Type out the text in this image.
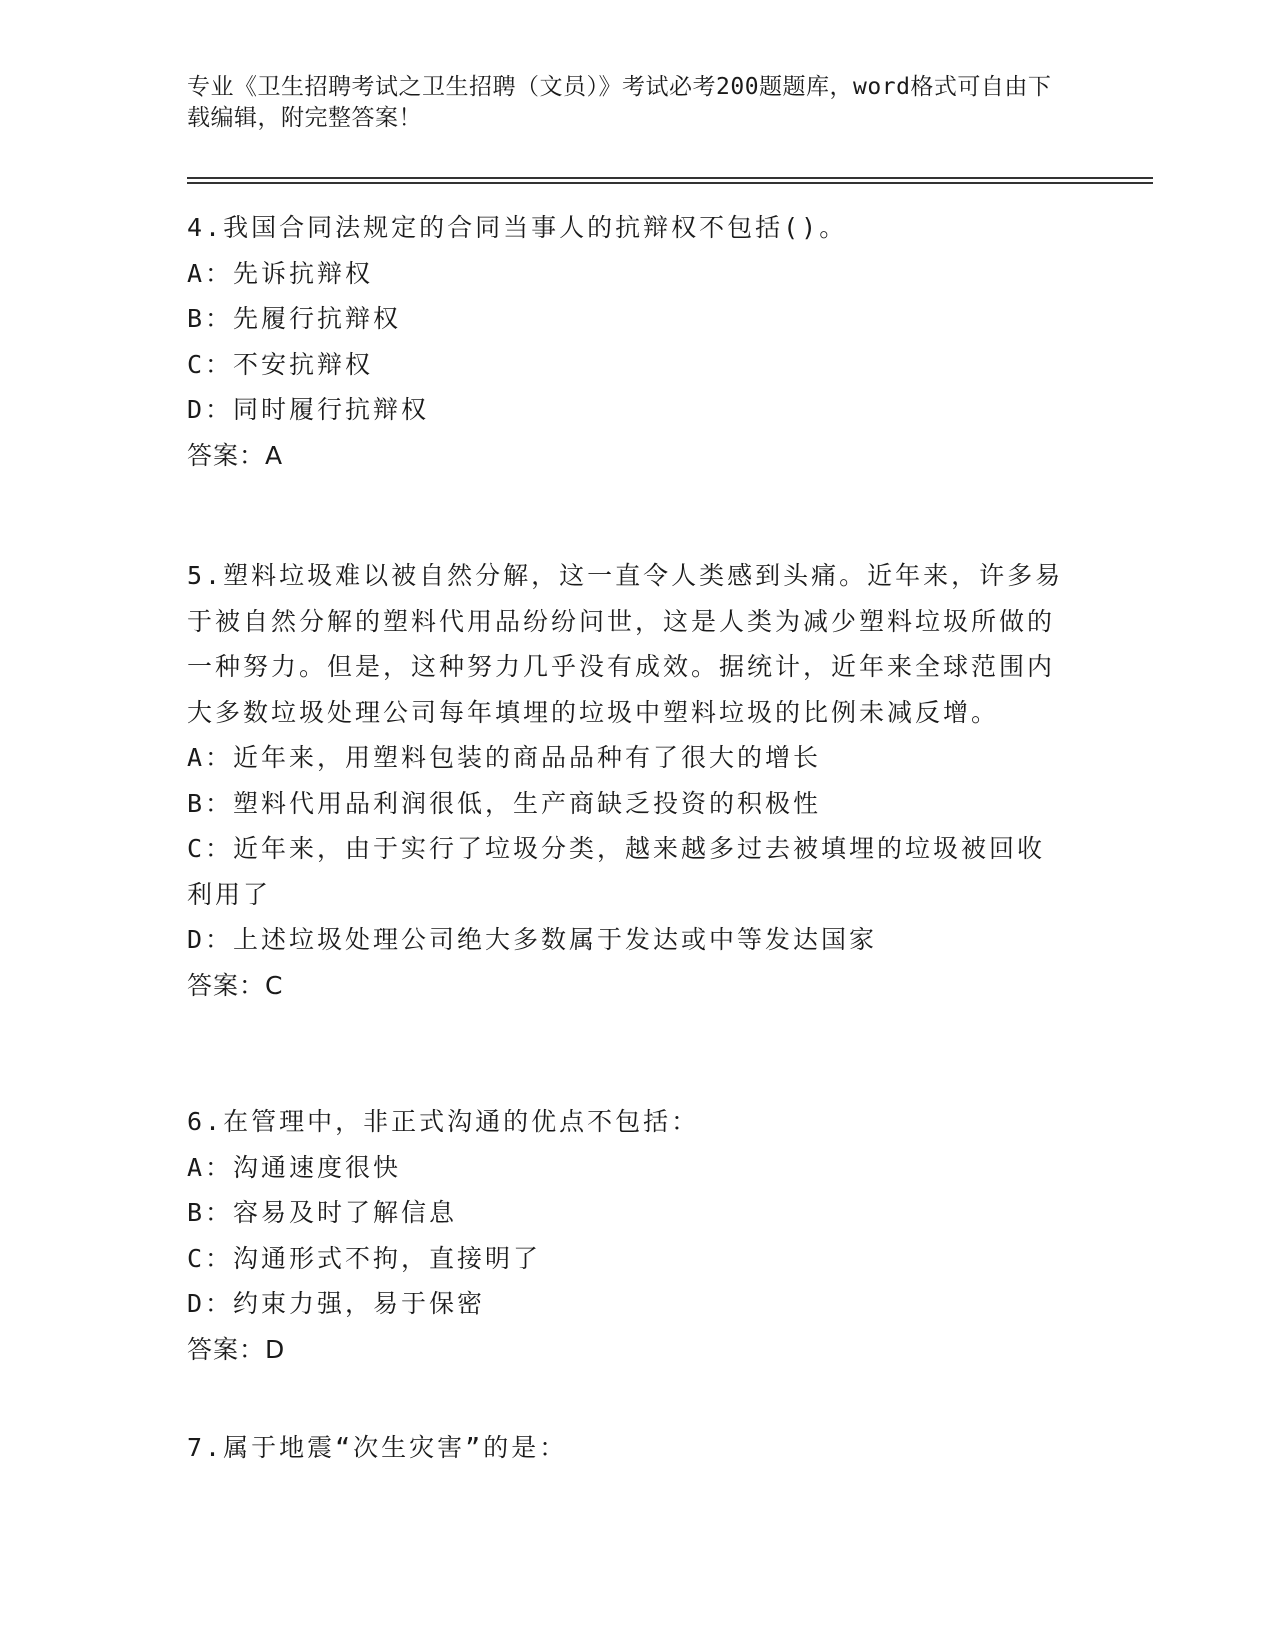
专业《卫生招聘考试之卫生招聘（文员）》考试必考200题题库，word格式可自由下载编辑，附完整答案！
4.我国合同法规定的合同当事人的抗辩权不包括()。
A：先诉抗辩权
B：先履行抗辩权
C：不安抗辩权
D：同时履行抗辩权
答案：A
5.塑料垃圾难以被自然分解，这一直令人类感到头痛。近年来，许多易于被自然分解的塑料代用品纷纷问世，这是人类为减少塑料垃圾所做的一种努力。但是，这种努力几乎没有成效。据统计，近年来全球范围内大多数垃圾处理公司每年填埋的垃圾中塑料垃圾的比例未减反增。
A：近年来，用塑料包装的商品品种有了很大的增长
B：塑料代用品利润很低，生产商缺乏投资的积极性
C：近年来，由于实行了垃圾分类，越来越多过去被填埋的垃圾被回收利用了
D：上述垃圾处理公司绝大多数属于发达或中等发达国家
答案：C
6.在管理中，非正式沟通的优点不包括：
A：沟通速度很快
B：容易及时了解信息
C：沟通形式不拘，直接明了
D：约束力强，易于保密
答案：D
7.属于地震“次生灾害”的是：
